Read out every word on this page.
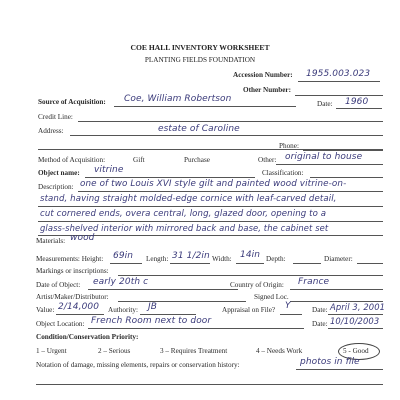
COE HALL INVENTORY WORKSHEET
PLANTING FIELDS FOUNDATION
Accession Number: 1955.003.023
Other Number:
Source of Acquisition: Coe, William Robertson	Date: 1960
Credit Line:
Address:	estate of Caroline
Phone:
Method of Acquisition:	Gift	Purchase	Other: original to house
Object name: vitrine	Classification:
Description: one of two Louis XVI style gilt and painted wood vitrine-on-
stand, having straight molded-edge cornice with leaf-carved detail,
cut cornered ends, overa central, long, glazed door, opening to a
glass-shelved interior with mirrored back and base, the cabinet set
Materials: wood
Measurements: Height: 69in Length: 31 1/2in Width: 14in Depth:	Diameter:
Markings or inscriptions:
Date of Object: early 20th c	Country of Origin: France
Artist/Maker/Distributor:	Signed Loc.
Value: 2/14,000 Authority: JB	Appraisal on File? Y	Date: April 3, 2001
Object Location: French Room next to door	Date: 10/10/2003
Condition/Conservation Priority:
1 – Urgent	2 – Serious	3 – Requires Treatment	4 – Needs Work	5 - Good
Notation of damage, missing elements, repairs or conservation history:	photos in file
